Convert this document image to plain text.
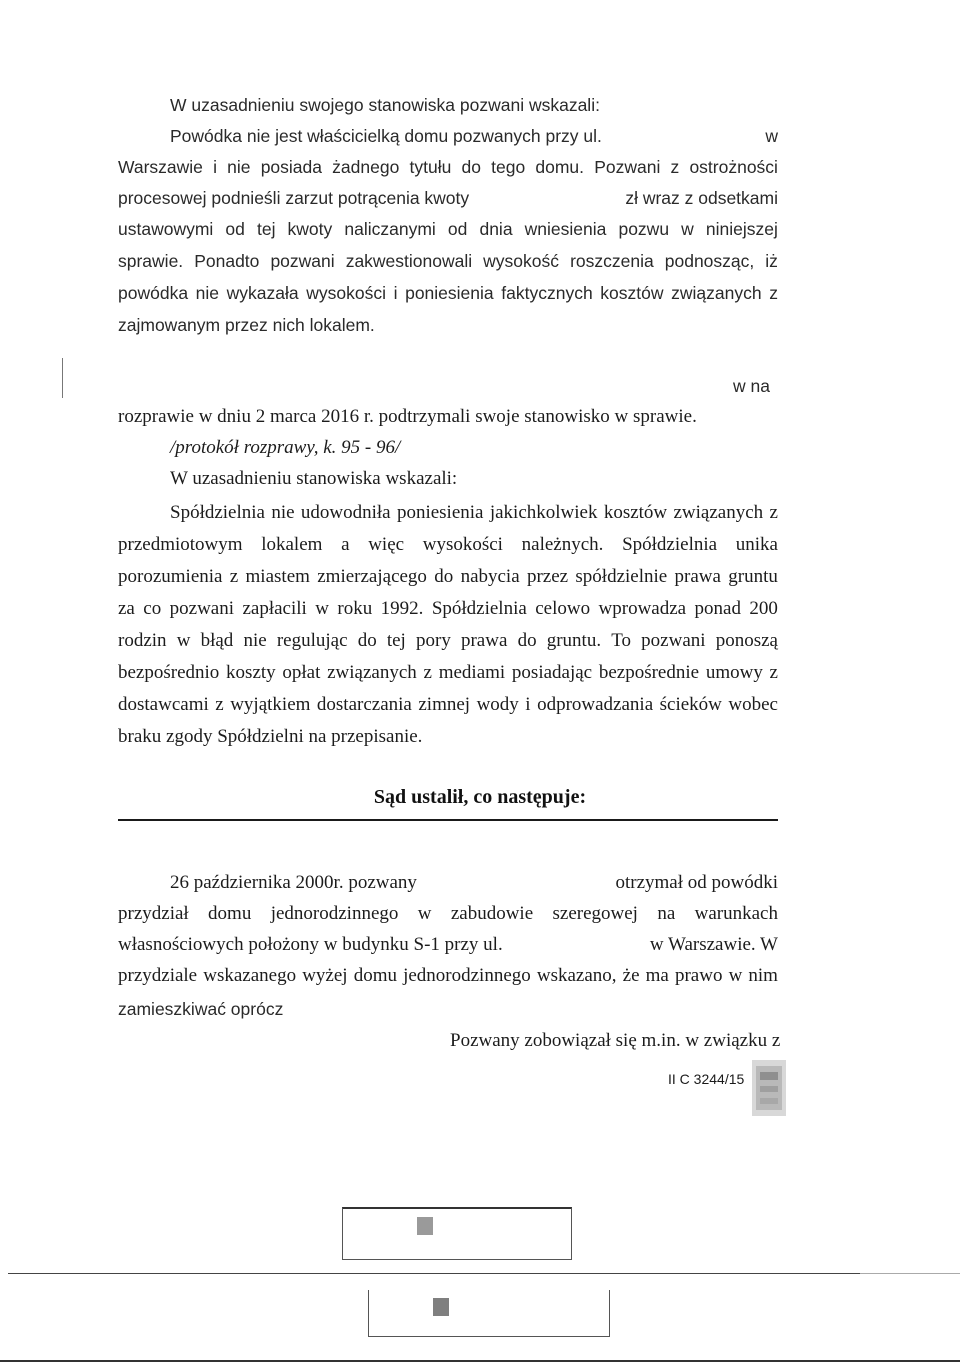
W uzasadnieniu swojego stanowiska pozwani wskazali:
Powódka nie jest właścicielką domu pozwanych przy ul.	w
Warszawie i nie posiada żadnego tytułu do tego domu. Pozwani z ostrożności
procesowej podnieśli zarzut potrącenia kwoty	zł wraz z odsetkami
ustawowymi od tej kwoty naliczanymi od dnia wniesienia pozwu w niniejszej
sprawie. Ponadto pozwani zakwestionowali wysokość roszczenia podnosząc, iż
powódka nie wykazała wysokości i poniesienia faktycznych kosztów związanych z
zajmowanym przez nich lokalem.
w na
rozprawie w dniu 2 marca 2016 r. podtrzymali swoje stanowisko w sprawie.
/protokół rozprawy, k. 95 - 96/
W uzasadnieniu stanowiska wskazali:
Spółdzielnia nie udowodniła poniesienia jakichkolwiek kosztów związanych z
przedmiotowym lokalem a więc wysokości należnych. Spółdzielnia unika
porozumienia z miastem zmierzającego do nabycia przez spółdzielnie prawa gruntu
za co pozwani zapłacili w roku 1992. Spółdzielnia celowo wprowadza ponad 200
rodzin w błąd nie regulując do tej pory prawa do gruntu. To pozwani ponoszą
bezpośrednio koszty opłat związanych z mediami posiadając bezpośrednie umowy z
dostawcami z wyjątkiem dostarczania zimnej wody i odprowadzania ścieków wobec
braku zgody Spółdzielni na przepisanie.
Sąd ustalił, co następuje:
26 października 2000r. pozwany	otrzymał od powódki
przydział domu jednorodzinnego w zabudowie szeregowej na warunkach
własnościowych położony w budynku S-1 przy ul.	w Warszawie. W
przydziale wskazanego wyżej domu jednorodzinnego wskazano, że ma prawo w nim
zamieszkiwać oprócz
Pozwany zobowiązał się m.in. w związku z
II C 3244/15
